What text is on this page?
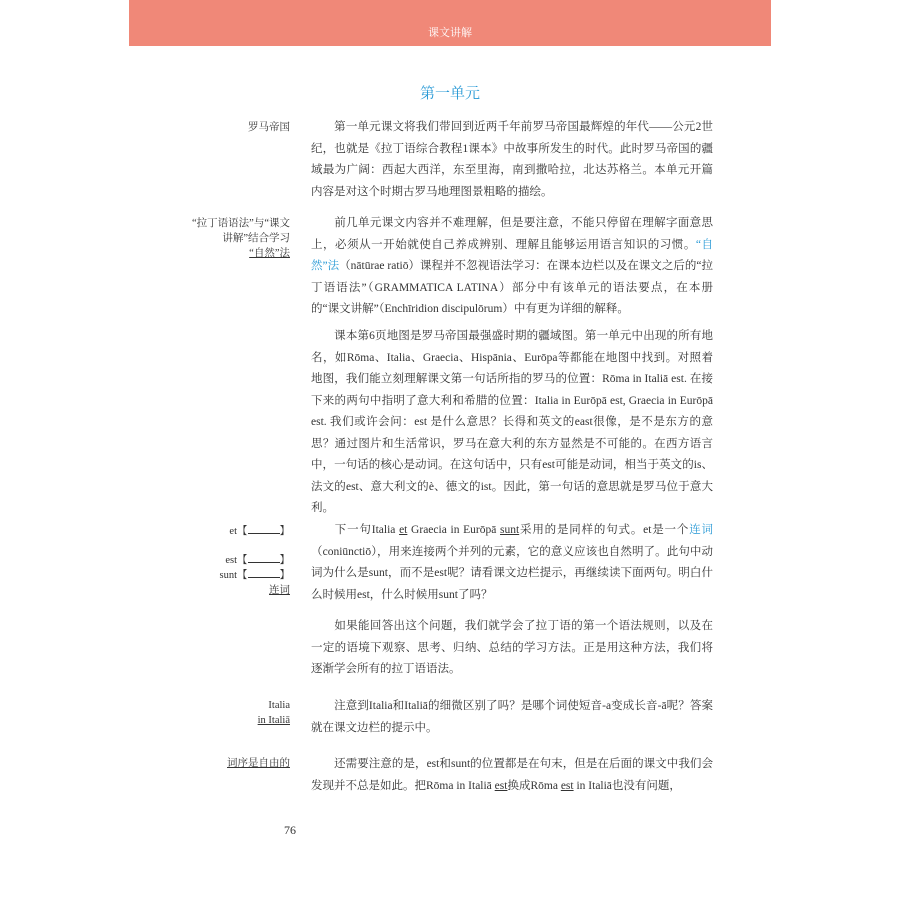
课文讲解
第一单元
罗马帝国
“拉丁语语法”与“课文
讲解”结合学习
“自然”法
et【	】
est【	】
sunt【	】
连词
Italia
in Italiā
词序是自由的
第一单元课文将我们带回到近两千年前罗马帝国最辉煌的年代——公元2世纪，也就是《拉丁语综合教程1课本》中故事所发生的时代。此时罗马帝国的疆域最为广阔：西起大西洋，东至里海，南到撒哈拉，北达苏格兰。本单元开篇内容是对这个时期古罗马地理图景粗略的描绘。
前几单元课文内容并不难理解，但是要注意，不能只停留在理解字面意思上，必须从一开始就使自己养成辨别、理解且能够运用语言知识的习惯。“自然”法（nātūrae ratiō）课程并不忽视语法学习：在课本边栏以及在课文之后的“拉丁语语法”（GRAMMATICA LATINA）部分中有该单元的语法要点，在本册的“课文讲解”（Enchīridion discipulōrum）中有更为详细的解释。
课本第6页地图是罗马帝国最强盛时期的疆域图。第一单元中出现的所有地名，如Rōma、Italia、Graecia、Hispānia、Eurōpa等都能在地图中找到。对照着地图，我们能立刻理解课文第一句话所指的罗马的位置：Rōma in Italiā est. 在接下来的两句中指明了意大利和希腊的位置：Italia in Eurōpā est, Graecia in Eurōpā est. 我们或许会问：est 是什么意思？长得和英文的east很像，是不是东方的意思？通过图片和生活常识，罗马在意大利的东方显然是不可能的。在西方语言中，一句话的核心是动词。在这句话中，只有est可能是动词，相当于英文的is、法文的est、意大利文的è、德文的ist。因此，第一句话的意思就是罗马位于意大利。
下一句Italia et Graecia in Eurōpā sunt采用的是同样的句式。et是一个连词（coniūnctiō），用来连接两个并列的元素，它的意义应该也自然明了。此句中动词为什么是sunt，而不是est呢？请看课文边栏提示，再继续读下面两句。明白什么时候用est，什么时候用sunt了吗？
如果能回答出这个问题，我们就学会了拉丁语的第一个语法规则，以及在一定的语境下观察、思考、归纳、总结的学习方法。正是用这种方法，我们将逐渐学会所有的拉丁语语法。
注意到Italia和Italiā的细微区别了吗？是哪个词使短音-a变成长音-ā呢？答案就在课文边栏的提示中。
还需要注意的是，est和sunt的位置都是在句末，但是在后面的课文中我们会发现并不总是如此。把Rōma in Italiā est换成Rōma est in Italiā也没有问题，
76
